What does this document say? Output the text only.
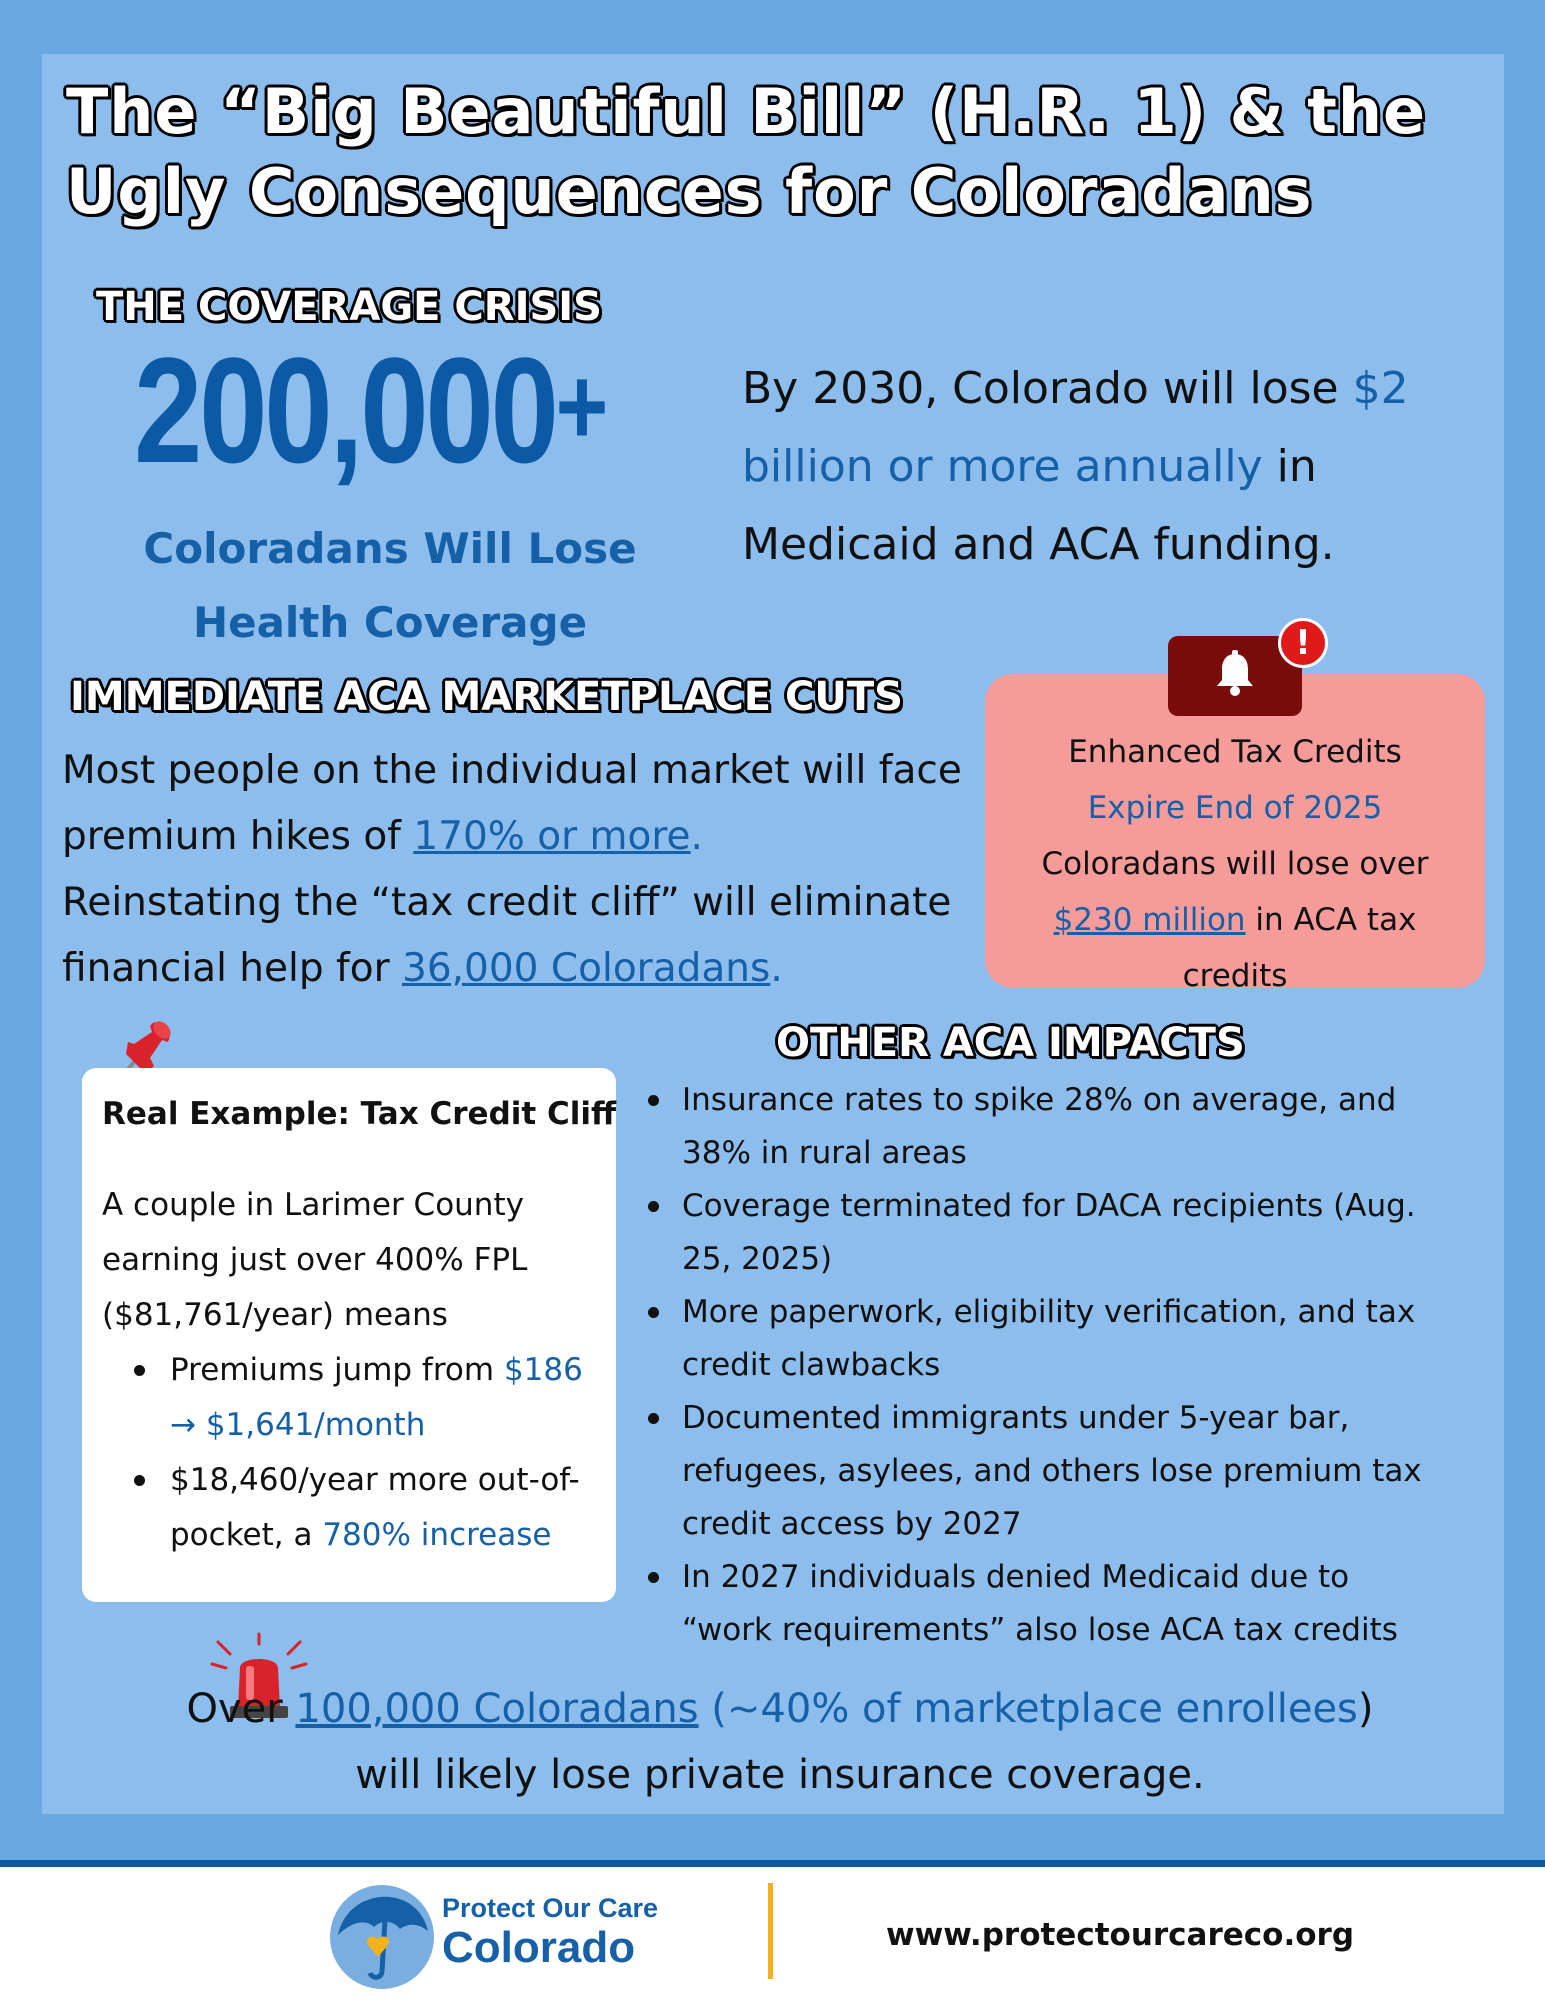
The “Big Beautiful Bill” (H.R. 1) & the
Ugly Consequences for Coloradans
THE COVERAGE CRISIS
200,000+
Coloradans Will Lose
Health Coverage
By 2030, Colorado will lose $2 billion or more annually in Medicaid and ACA funding.
IMMEDIATE ACA MARKETPLACE CUTS
Most people on the individual market will face premium hikes of 170% or more.
Reinstating the “tax credit cliff” will eliminate financial help for 36,000 Coloradans.
Enhanced Tax Credits
Expire End of 2025
Coloradans will lose over
$230 million in ACA tax
credits
!
Real Example: Tax Credit Cliff
A couple in Larimer County earning just over 400% FPL ($81,761/year) means
Premiums jump from $186 → $1,641/month
$18,460/year more out-of-pocket, a 780% increase
OTHER ACA IMPACTS
Insurance rates to spike 28% on average, and 38% in rural areas
Coverage terminated for DACA recipients (Aug. 25, 2025)
More paperwork, eligibility verification, and tax credit clawbacks
Documented immigrants under 5-year bar, refugees, asylees, and others lose premium tax credit access by 2027
In 2027 individuals denied Medicaid due to “work requirements” also lose ACA tax credits
Over 100,000 Coloradans (~40% of marketplace enrollees) will likely lose private insurance coverage.
Protect Our Care
Colorado	www.protectourcareco.org
